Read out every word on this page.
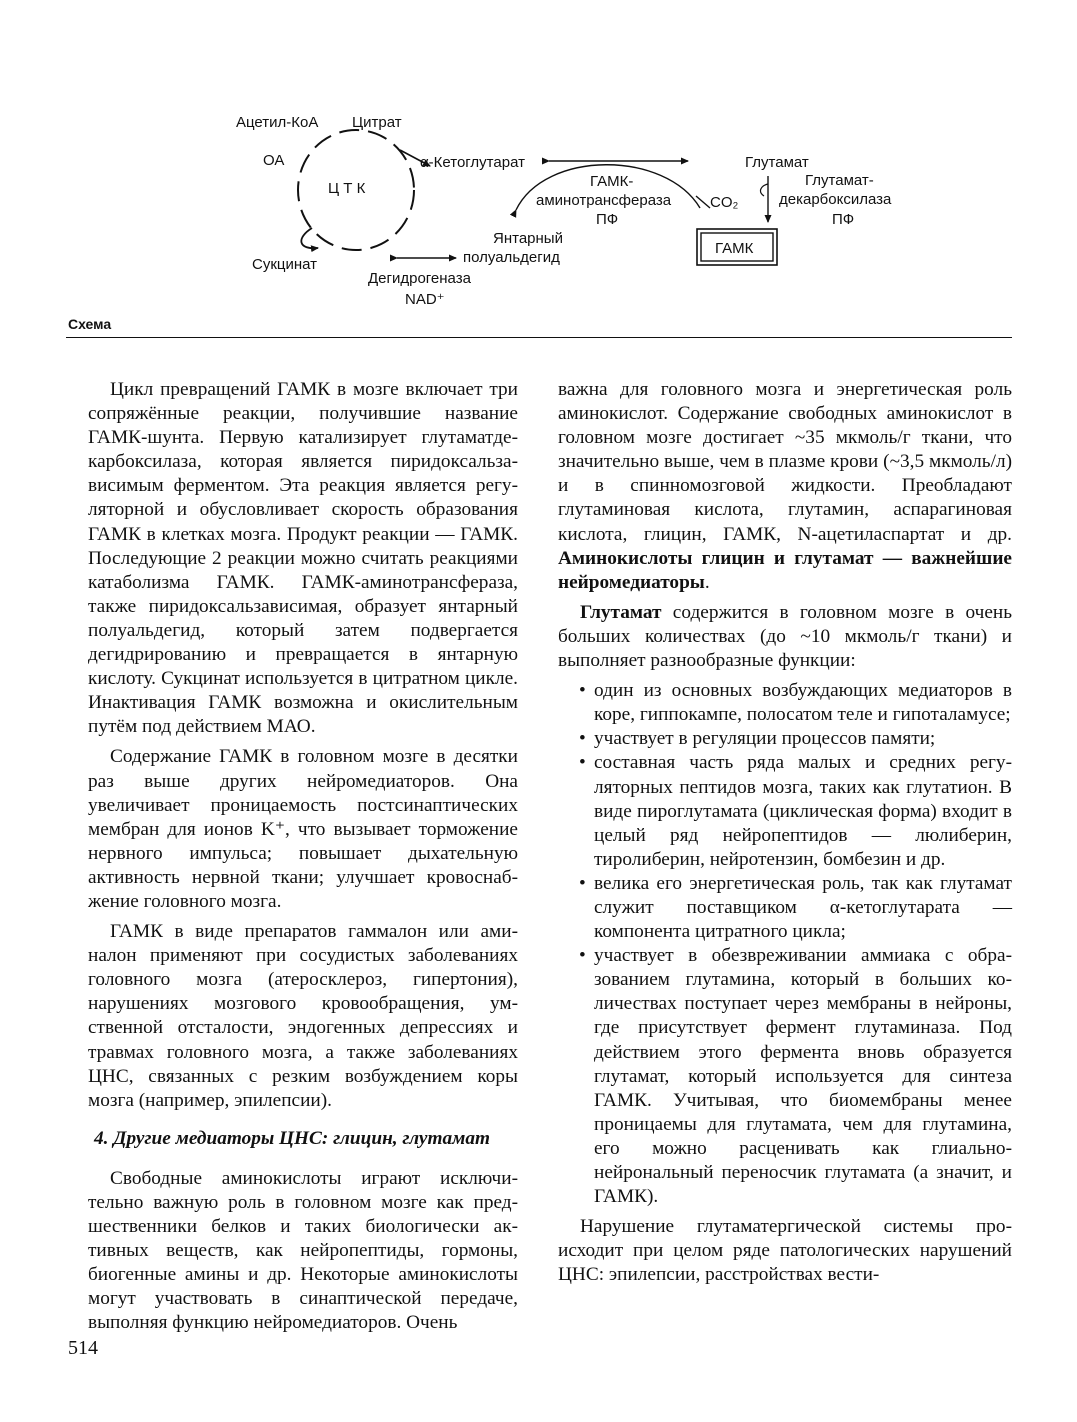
Ацетил-КоА Цитрат
ОА
Ц Т К
α-Кетоглутарат
Сукцинат
Глутамат
ГАМК-
аминотрансфераза
ПФ
CO₂
Глутамат-
декарбоксилаза
ПФ
ГАМК
Янтарный
полуальдегид
Дегидрогеназа
NAD⁺
Схема

Цикл превращений ГАМК в мозге включает три сопряжённые реакции, получившие название ГАМК-шунта. Первую катализирует глутаматдекарбоксилаза, которая является пиридоксальзависимым ферментом. Эта реакция является регуляторной и обусловливает скорость образования ГАМК в клетках мозга. Продукт реакции — ГАМК. Последующие 2 реакции можно считать реакциями катаболизма ГАМК. ГАМК-аминотрансфераза, также пиридоксальзависимая, образует янтарный полуальдегид, который затем подвергается дегидрированию и превращается в янтарную кислоту. Сукцинат используется в цитратном цикле. Инактивация ГАМК возможна и окислительным путём под действием МАО.

Содержание ГАМК в головном мозге в десятки раз выше других нейромедиаторов. Она увеличивает проницаемость постсинаптических мембран для ионов K⁺, что вызывает торможение нервного импульса; повышает дыхательную активность нервной ткани; улучшает кровоснабжение головного мозга.

ГАМК в виде препаратов гаммалон или аминалон применяют при сосудистых заболеваниях головного мозга (атеросклероз, гипертония), нарушениях мозгового кровообращения, умственной отсталости, эндогенных депрессиях и травмах головного мозга, а также заболеваниях ЦНС, связанных с резким возбуждением коры мозга (например, эпилепсии).

4. Другие медиаторы ЦНС: глицин, глутамат

Свободные аминокислоты играют исключительно важную роль в головном мозге как предшественники белков и таких биологически активных веществ, как нейропептиды, гормоны, биогенные амины и др. Некоторые аминокислоты могут участвовать в синаптической передаче, выполняя функцию нейромедиаторов. Очень

важна для головного мозга и энергетическая роль аминокислот. Содержание свободных аминокислот в головном мозге достигает ~35 мкмоль/г ткани, что значительно выше, чем в плазме крови (~3,5 мкмоль/л) и в спинномозговой жидкости. Преобладают глутаминовая кислота, глутамин, аспарагиновая кислота, глицин, ГАМК, N-ацетиласпартат и др. Аминокислоты глицин и глутамат — важнейшие нейромедиаторы.

Глутамат содержится в головном мозге в очень больших количествах (до ~10 мкмоль/г ткани) и выполняет разнообразные функции:

• один из основных возбуждающих медиаторов в коре, гиппокампе, полосатом теле и гипоталамусе;
• участвует в регуляции процессов памяти;
• составная часть ряда малых и средних регуляторных пептидов мозга, таких как глутатион. В виде пироглутамата (циклическая форма) входит в целый ряд нейропептидов — люлиберин, тиролиберин, нейротензин, бомбезин и др.
• велика его энергетическая роль, так как глутамат служит поставщиком α-кетоглутарата — компонента цитратного цикла;
• участвует в обезвреживании аммиака с образованием глутамина, который в больших количествах поступает через мембраны в нейроны, где присутствует фермент глутаминаза. Под действием этого фермента вновь образуется глутамат, который используется для синтеза ГАМК. Учитывая, что биомембраны менее проницаемы для глутамата, чем для глутамина, его можно расценивать как глиально-нейрональный переносчик глутамата (а значит, и ГАМК).

Нарушение глутаматергической системы происходит при целом ряде патологических нарушений ЦНС: эпилепсии, расстройствах вести-

514
